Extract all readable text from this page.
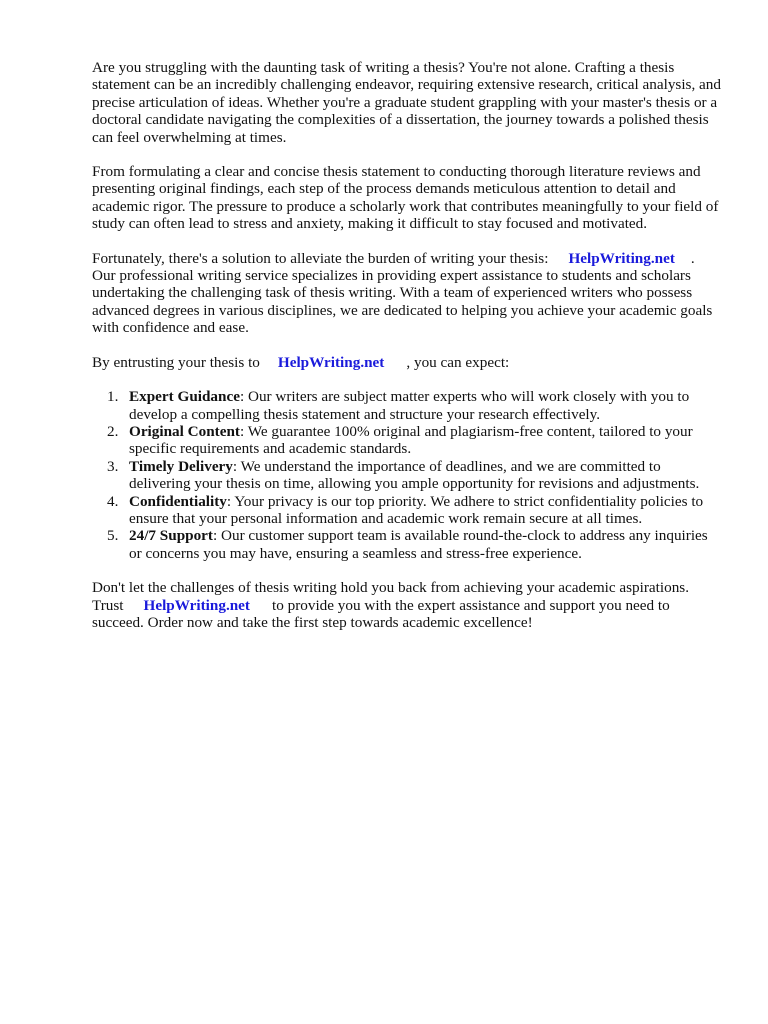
Are you struggling with the daunting task of writing a thesis? You're not alone. Crafting a thesis statement can be an incredibly challenging endeavor, requiring extensive research, critical analysis, and precise articulation of ideas. Whether you're a graduate student grappling with your master's thesis or a doctoral candidate navigating the complexities of a dissertation, the journey towards a polished thesis can feel overwhelming at times.

From formulating a clear and concise thesis statement to conducting thorough literature reviews and presenting original findings, each step of the process demands meticulous attention to detail and academic rigor. The pressure to produce a scholarly work that contributes meaningfully to your field of study can often lead to stress and anxiety, making it difficult to stay focused and motivated.

Fortunately, there's a solution to alleviate the burden of writing your thesis: HelpWriting.net . Our professional writing service specializes in providing expert assistance to students and scholars undertaking the challenging task of thesis writing. With a team of experienced writers who possess advanced degrees in various disciplines, we are dedicated to helping you achieve your academic goals with confidence and ease.

By entrusting your thesis to HelpWriting.net , you can expect:

1. Expert Guidance: Our writers are subject matter experts who will work closely with you to develop a compelling thesis statement and structure your research effectively.
2. Original Content: We guarantee 100% original and plagiarism-free content, tailored to your specific requirements and academic standards.
3. Timely Delivery: We understand the importance of deadlines, and we are committed to delivering your thesis on time, allowing you ample opportunity for revisions and adjustments.
4. Confidentiality: Your privacy is our top priority. We adhere to strict confidentiality policies to ensure that your personal information and academic work remain secure at all times.
5. 24/7 Support: Our customer support team is available round-the-clock to address any inquiries or concerns you may have, ensuring a seamless and stress-free experience.

Don't let the challenges of thesis writing hold you back from achieving your academic aspirations.
Trust HelpWriting.net to provide you with the expert assistance and support you need to succeed. Order now and take the first step towards academic excellence!
